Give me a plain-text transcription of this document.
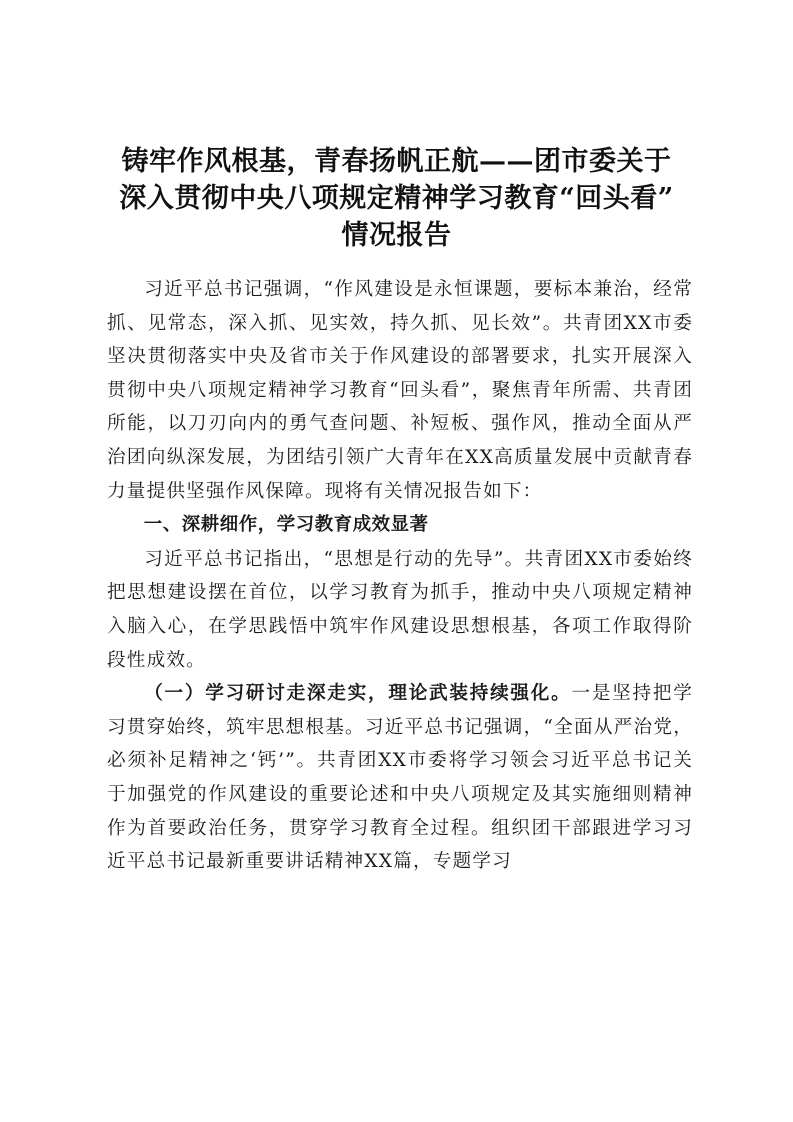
铸牢作风根基，青春扬帆正航——团市委关于
深入贯彻中央八项规定精神学习教育“回头看”
情况报告

习近平总书记强调，“作风建设是永恒课题，要标本兼治，经常抓、见常态，深入抓、见实效，持久抓、见长效”。共青团XX市委坚决贯彻落实中央及省市关于作风建设的部署要求，扎实开展深入贯彻中央八项规定精神学习教育“回头看”，聚焦青年所需、共青团所能，以刀刃向内的勇气查问题、补短板、强作风，推动全面从严治团向纵深发展，为团结引领广大青年在XX高质量发展中贡献青春力量提供坚强作风保障。现将有关情况报告如下：

一、深耕细作，学习教育成效显著

习近平总书记指出，“思想是行动的先导”。共青团XX市委始终把思想建设摆在首位，以学习教育为抓手，推动中央八项规定精神入脑入心，在学思践悟中筑牢作风建设思想根基，各项工作取得阶段性成效。

（一）学习研讨走深走实，理论武装持续强化。一是坚持把学习贯穿始终，筑牢思想根基。习近平总书记强调，“全面从严治党，必须补足精神之‘钙’”。共青团XX市委将学习领会习近平总书记关于加强党的作风建设的重要论述和中央八项规定及其实施细则精神作为首要政治任务，贯穿学习教育全过程。组织团干部跟进学习习近平总书记最新重要讲话精神XX篇，专题学习
